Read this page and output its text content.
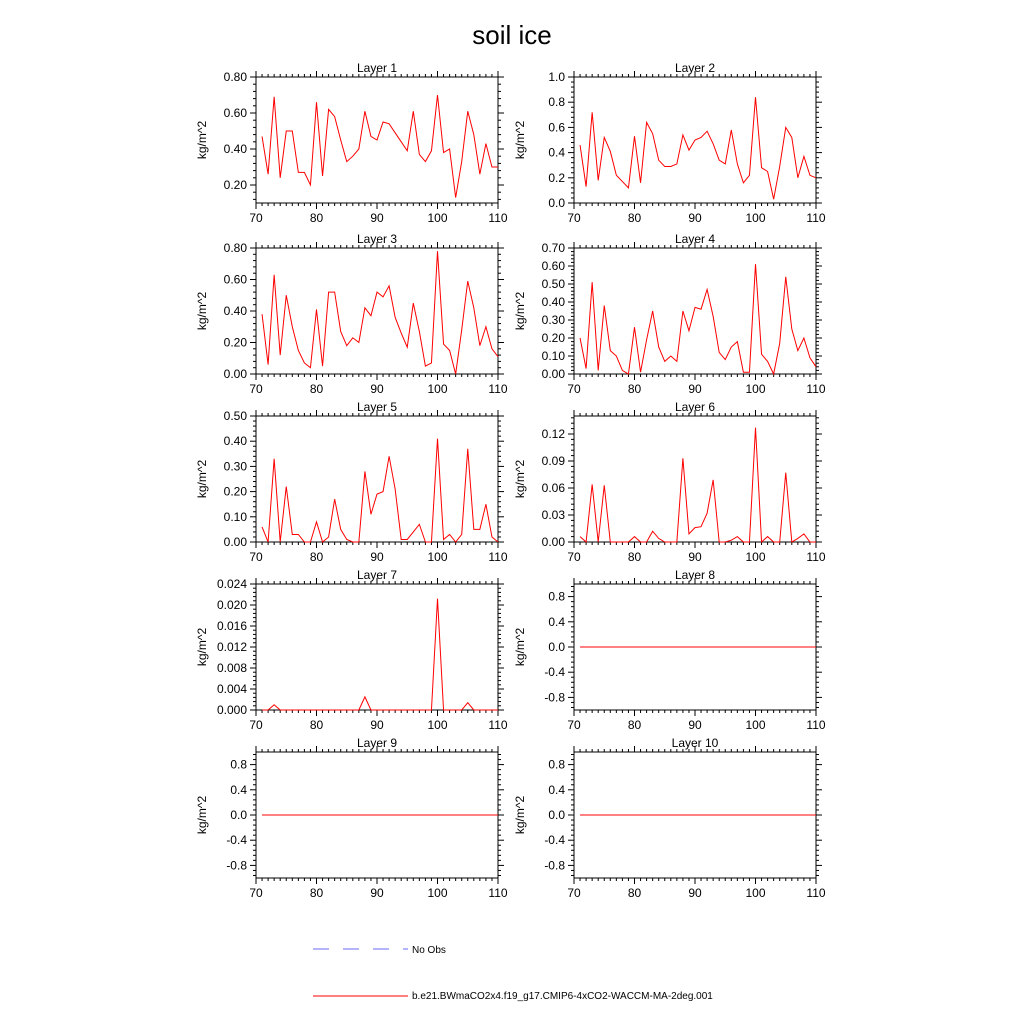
soil ice
Layer 1
70	80	90	100	110
0.20
0.40
0.60
0.80
kg/m^2
Layer 2
70	80	90	100	110
0.0
0.2
0.4
0.6
0.8
1.0
kg/m^2
Layer 3
70	80	90	100	110
0.00
0.20
0.40
0.60
0.80
kg/m^2
Layer 4
70	80	90	100	110
0.00
0.10
0.20
0.30
0.40
0.50
0.60
0.70
kg/m^2
Layer 5
70	80	90	100	110
0.00
0.10
0.20
0.30
0.40
0.50
kg/m^2
Layer 6
70	80	90	100	110
0.00
0.03
0.06
0.09
0.12
kg/m^2
Layer 7
70	80	90	100	110
0.000
0.004
0.008
0.012
0.016
0.020
0.024
kg/m^2
Layer 8
70	80	90	100	110
-0.8
-0.4
0.0
0.4
0.8
kg/m^2
Layer 9
70	80	90	100	110
-0.8
-0.4
0.0
0.4
0.8
kg/m^2
Layer 10
70	80	90	100	110
-0.8
-0.4
0.0
0.4
0.8
kg/m^2
No Obs
b.e21.BWmaCO2x4.f19_g17.CMIP6-4xCO2-WACCM-MA-2deg.001
